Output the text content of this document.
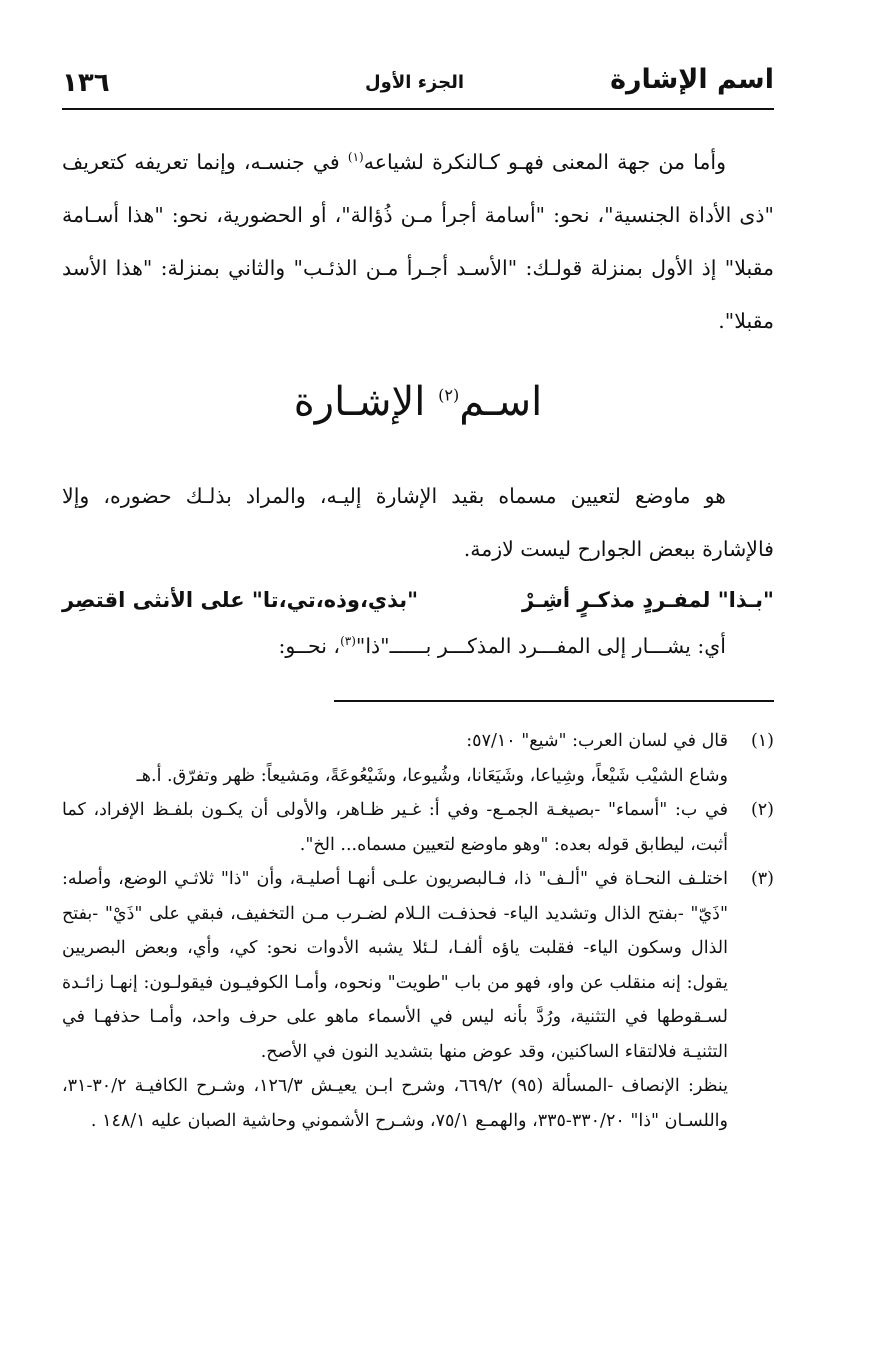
اسم الإشارة
الجزء الأول
١٣٦

وأما من جهة المعنى فهـو كـالنكرة لشياعه$^{(١)}$ في جنسـه، وإنما تعريفه كتعريف "ذى الأداة الجنسية"، نحو: "أسامة أجرأ مـن ذُؤالة"، أو الحضورية، نحو: "هذا أسـامة مقبلا" إذ الأول بمنزلة قولـك: "الأسـد أجـرأ مـن الذئـب" والثاني بمنزلة: "هذا الأسد مقبلا".

اسـم$^{(٢)}$ الإشـارة

هو ماوضع لتعيين مسماه بقيد الإشارة إليـه، والمراد بذلـك حضوره، وإلا فالإشارة ببعض الجوارح ليست لازمة.

"بـذا" لمفـردٍ مذكـرٍ أشِـرْ
"بذي،وذه،تي،تا" على الأنثى اقتصِر

أي: يشـــار إلى المفـــرد المذكـــر بــــــ"ذا"$^{(٣)}$، نحــو:

(١)
قال في لسان العرب: "شيع" ٥٧/١٠:
وشاع الشيْب شَيْعاً، وشِياعا، وشَيَعَانا، وشُيوعا، وشَيْعُوعَةً، ومَشيعاً: ظهر وتفرّق. أ.هـ
(٢)
في ب: "أسماء" -بصيغـة الجمـع- وفي أ: غـير ظـاهر، والأولى أن يكـون بلفـظ الإفراد، كما أثبت، ليطابق قوله بعده: "وهو ماوضع لتعيين مسماه... الخ".
(٣)
اختلـف النحـاة في "ألـف" ذا، فـالبصريون علـى أنهـا أصليـة، وأن "ذا" ثلاثـي الوضع، وأصله: "ذَيّ" -بفتح الذال وتشديد الياء- فحذفـت الـلام لضـرب مـن التخفيف، فبقي على "ذَيْ" -بفتح الذال وسكون الياء- فقلبت ياؤه ألفـا، لـئلا يشبه الأدوات نحو: كي، وأي، وبعض البصريين يقول: إنه منقلب عن واو، فهو من باب "طويت" ونحوه، وأمـا الكوفيـون فيقولـون: إنهـا زائـدة لسـقوطها في التثنية، ورُدَّ بأنه ليس في الأسماء ماهو على حرف واحد، وأمـا حذفهـا في التثنيـة فلالتقاء الساكنين، وقد عوض منها بتشديد النون في الأصح.
ينظر: الإنصاف -المسألة (٩٥) ٦٦٩/٢، وشرح ابـن يعيـش ١٢٦/٣، وشـرح الكافيـة ٣٠/٢-٣١، واللسـان "ذا" ٣٣٠/٢٠-٣٣٥، والهمـع ٧٥/١، وشـرح الأشموني وحاشية الصبان عليه ١٤٨/١ .
